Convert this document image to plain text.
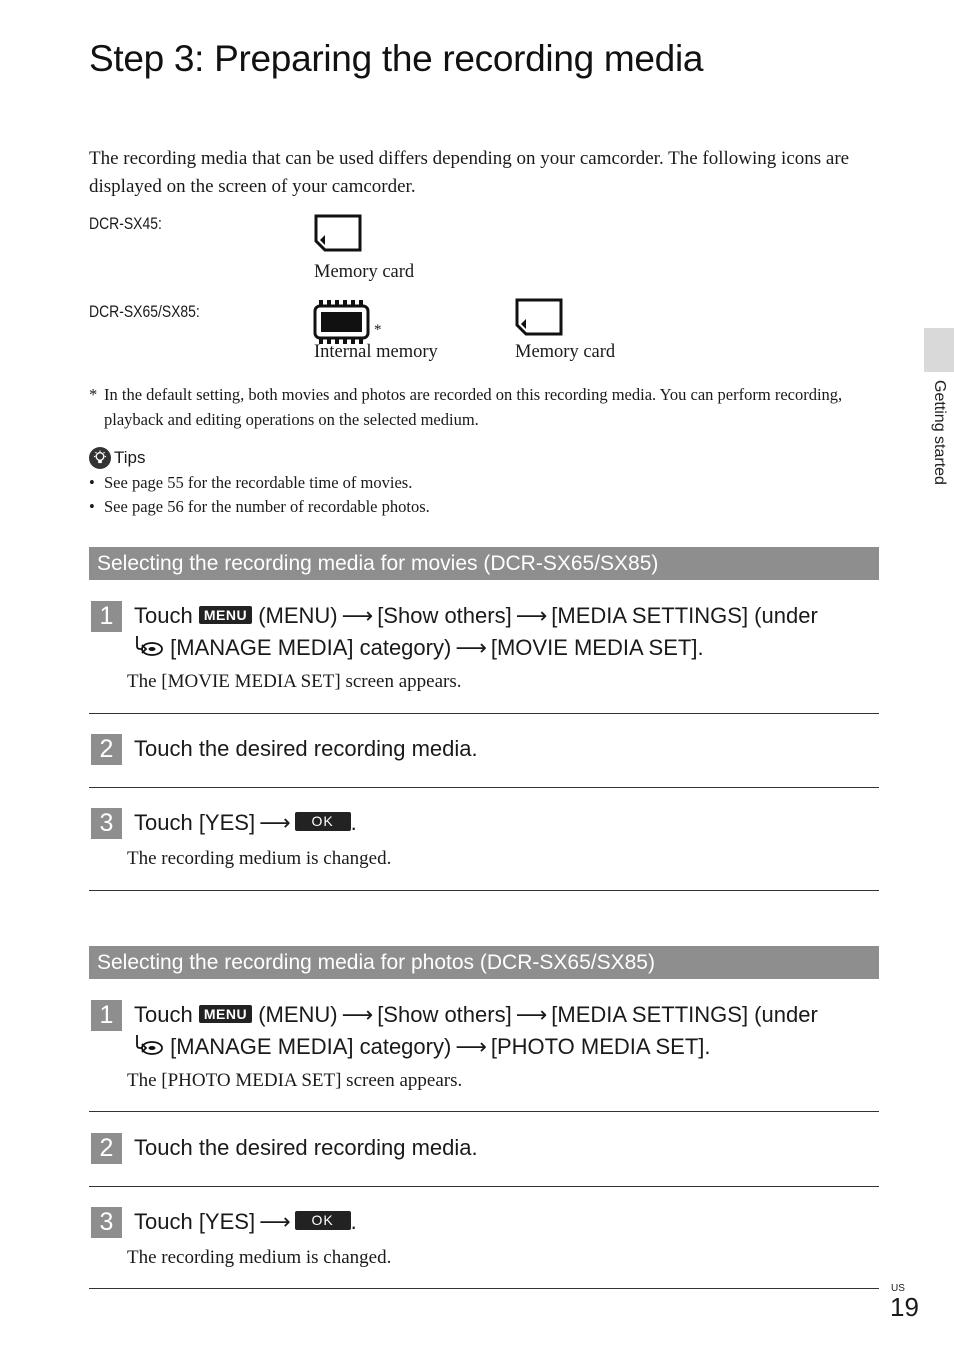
Step 3: Preparing the recording media
The recording media that can be used differs depending on your camcorder. The following icons are displayed on the screen of your camcorder.
DCR-SX45:
Memory card
DCR-SX65/SX85:
*
Internal memory	Memory card
* In the default setting, both movies and photos are recorded on this recording media. You can perform recording, playback and editing operations on the selected medium.
Tips
• See page 55 for the recordable time of movies.
• See page 56 for the number of recordable photos.
Selecting the recording media for movies (DCR-SX65/SX85)
1 Touch MENU (MENU) ⟶ [Show others] ⟶ [MEDIA SETTINGS] (under
[MANAGE MEDIA] category) ⟶ [MOVIE MEDIA SET].
The [MOVIE MEDIA SET] screen appears.
2 Touch the desired recording media.
3 Touch [YES] ⟶ OK .
The recording medium is changed.
Selecting the recording media for photos (DCR-SX65/SX85)
1 Touch MENU (MENU) ⟶ [Show others] ⟶ [MEDIA SETTINGS] (under
[MANAGE MEDIA] category) ⟶ [PHOTO MEDIA SET].
The [PHOTO MEDIA SET] screen appears.
2 Touch the desired recording media.
3 Touch [YES] ⟶ OK .
The recording medium is changed.
Getting started
US
19
